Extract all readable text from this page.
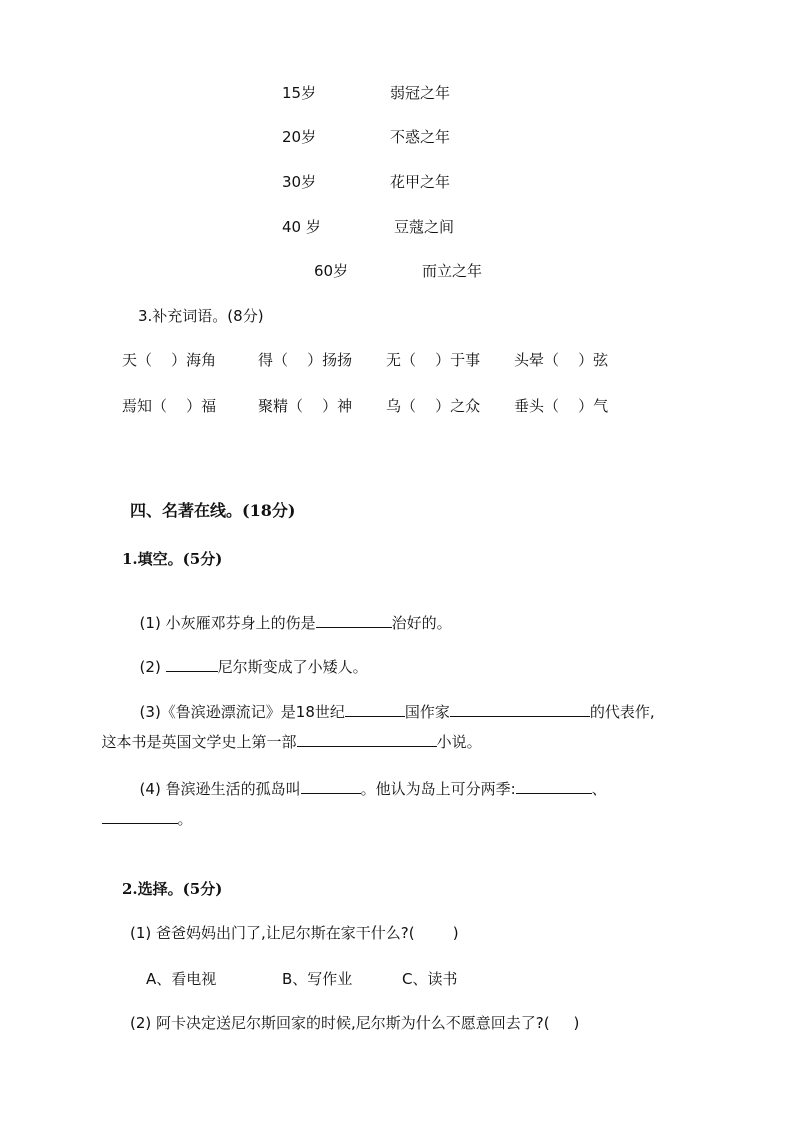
15岁	弱冠之年
20岁	不惑之年
30岁	花甲之年
40 岁	豆蔻之间
60岁	而立之年
3.补充词语。(8分)
天（    ）海角	得（    ）扬扬 无（    ）于事 头晕（    ）弦
焉知（    ）福	聚精（    ）神 乌（    ）之众 垂头（    ）气
四、名著在线。(18分)
1.填空。(5分)

(1) 小灰雁邓芬身上的伤是	治好的。

(2)	尼尔斯变成了小矮人。

(3)《鲁滨逊漂流记》是18世纪	国作家	的代表作,

这本书是英国文学史上第一部	小说。

(4) 鲁滨逊生活的孤岛叫	。他认为岛上可分两季:	、

。

2.选择。(5分)
(1) 爸爸妈妈出门了,让尼尔斯在家干什么?(        )
A、看电视	B、写作业	C、读书
(2) 阿卡决定送尼尔斯回家的时候,尼尔斯为什么不愿意回去了?(     )
